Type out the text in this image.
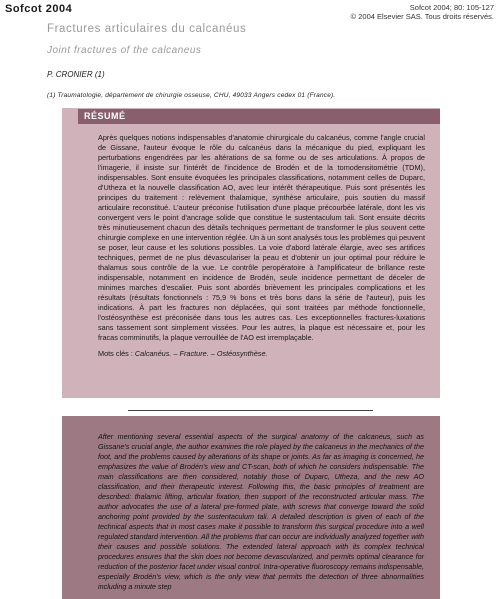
Sofcot 2004	Sofcot 2004; 80: 105-127
© 2004 Elsevier SAS. Tous droits réservés.
Fractures articulaires du calcanéus
Joint fractures of the calcaneus
P. CRONIER (1)
(1) Traumatologie, département de chirurgie osseuse, CHU, 49033 Angers cedex 01 (France).
RÉSUMÉ

Après quelques notions indispensables d'anatomie chirurgicale du calcanéus, comme l'angle crucial de Gissane, l'auteur évoque le rôle du calcanéus dans la mécanique du pied, expliquant les perturbations engendrées par les altérations de sa forme ou de ses articulations. À propos de l'imagerie, il insiste sur l'intérêt de l'incidence de Brodén et de la tomodensitométrie (TDM), indispensables. Sont ensuite évoquées les principales classifications, notamment celles de Duparc, d'Utheza et la nouvelle classification AO, avec leur intérêt thérapeutique. Puis sont présentés les principes du traitement : relèvement thalamique, synthèse articulaire, puis soutien du massif articulaire reconstitué. L'auteur préconise l'utilisation d'une plaque précourbée latérale, dont les vis convergent vers le point d'ancrage solide que constitue le sustentaculum tali. Sont ensuite décrits très minutieusement chacun des détails techniques permettant de transformer le plus souvent cette chirurgie complexe en une intervention réglée. Un à un sont analysés tous les problèmes qui peuvent se poser, leur cause et les solutions possibles. La voie d'abord latérale élargie, avec ses artifices techniques, permet de ne plus dévasculariser la peau et d'obtenir un jour optimal pour réduire le thalamus sous contrôle de la vue. Le contrôle peropératoire à l'amplificateur de brillance reste indispensable, notamment en incidence de Brodén, seule incidence permettant de déceler de minimes marches d'escalier. Puis sont abordés brièvement les principales complications et les résultats (résultats fonctionnels : 75,9 % bons et très bons dans la série de l'auteur), puis les indications. À part les fractures non déplacées, qui sont traitées par méthode fonctionnelle, l'ostéosynthèse est préconisée dans tous les autres cas. Les exceptionnelles fractures-luxations sans tassement sont simplement vissées. Pour les autres, la plaque est nécessaire et, pour les fracas comminutifs, la plaque verrouillée de l'AO est irremplaçable.

Mots clés : Calcanéus. – Fracture. – Ostéosynthèse.

After mentioning several essential aspects of the surgical anatomy of the calcaneus, such as Gissane's crucial angle, the author examines the role played by the calcaneus in the mechanics of the foot, and the problems caused by alterations of its shape or joints. As far as imaging is concerned, he emphasizes the value of Brodén's view and CT-scan, both of which he considers indispensable. The main classifications are then considered, notably those of Duparc, Utheza, and the new AO classification, and their therapeutic interest. Following this, the basic principles of treatment are described: thalamic lifting, articular fixation, then support of the reconstructed articular mass. The author advocates the use of a lateral pre-formed plate, with screws that converge toward the solid anchoring point provided by the sustentaculum tali. A detailed description is given of each of the technical aspects that in most cases make it possible to transform this surgical procedure into a well regulated standard intervention. All the problems that can occur are individually analyzed together with their causes and possible solutions. The extended lateral approach with its complex technical procedures ensures that the skin does not become devascularized, and permits optimal clearance for reduction of the posterior facet under visual control. Intra-operative fluoroscopy remains indispensable, especially Brodén's view, which is the only view that permits the detection of three abnormalities including a minute step
